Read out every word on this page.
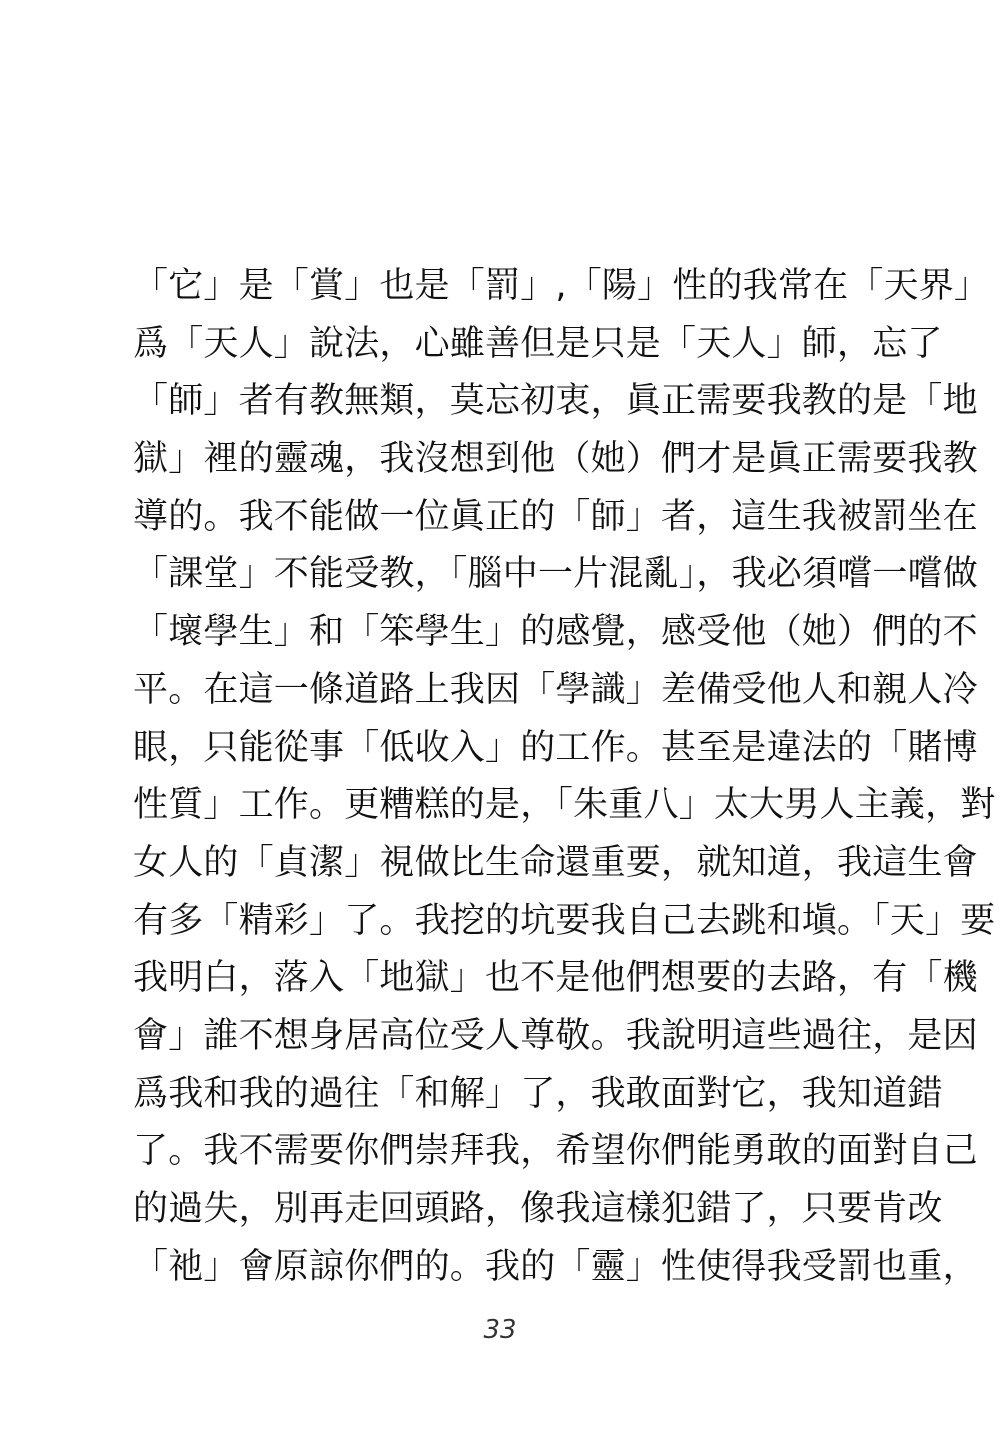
「它」是「賞」也是「罰」,「陽」性的我常在「天界」
爲「天人」說法，心雖善但是只是「天人」師，忘了
「師」者有教無類，莫忘初衷，眞正需要我教的是「地
獄」裡的靈魂，我沒想到他（她）們才是眞正需要我教
導的。我不能做一位眞正的「師」者，這生我被罰坐在
「課堂」不能受教，「腦中一片混亂」，我必須嚐一嚐做
「壞學生」和「笨學生」的感覺，感受他（她）們的不
平。在這一條道路上我因「學識」差備受他人和親人冷
眼，只能從事「低收入」的工作。甚至是違法的「賭博
性質」工作。更糟糕的是，「朱重八」太大男人主義，對
女人的「貞潔」視做比生命還重要，就知道，我這生會
有多「精彩」了。我挖的坑要我自己去跳和塡。「天」要
我明白，落入「地獄」也不是他們想要的去路，有「機
會」誰不想身居高位受人尊敬。我說明這些過往，是因
爲我和我的過往「和解」了，我敢面對它，我知道錯
了。我不需要你們崇拜我，希望你們能勇敢的面對自己
的過失，別再走回頭路，像我這樣犯錯了，只要肯改
「祂」會原諒你們的。我的「靈」性使得我受罰也重，
33
